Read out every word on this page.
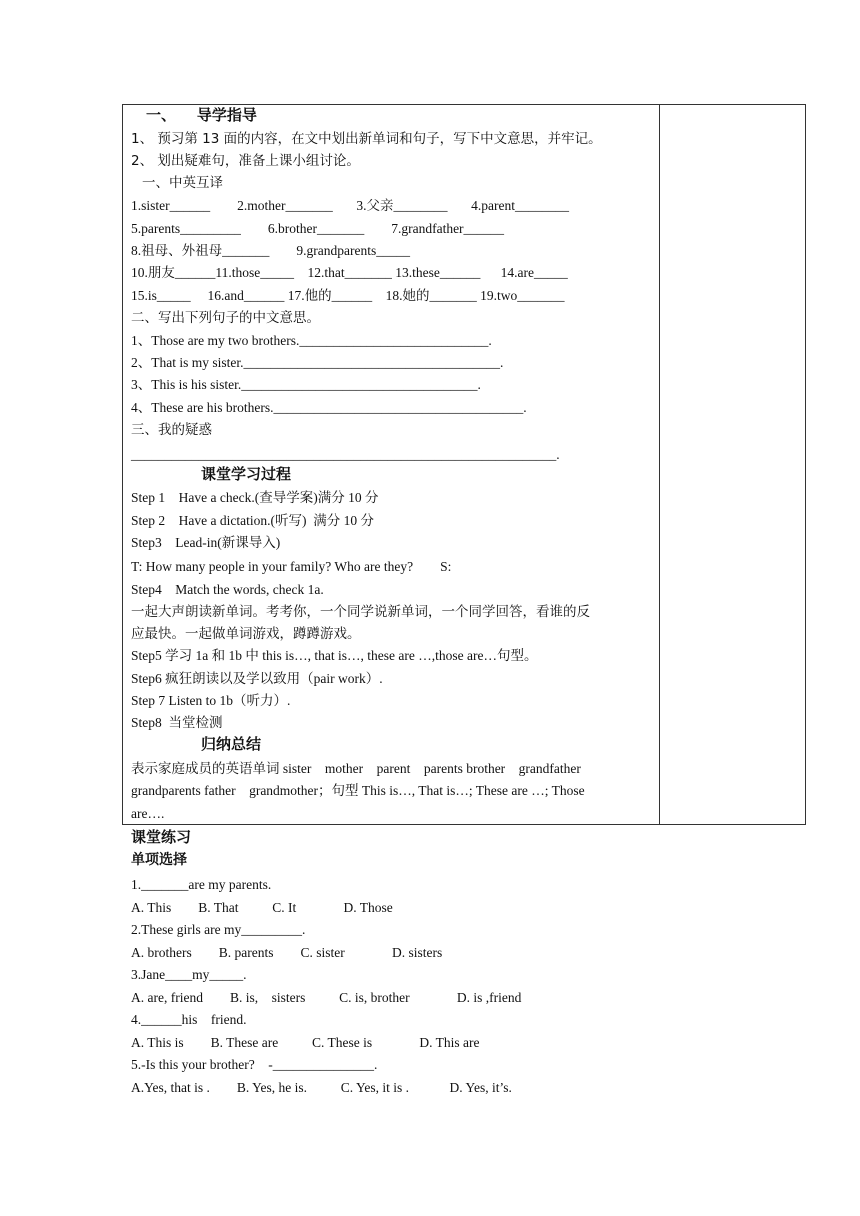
一、    导学指导
1、 预习第 13 面的内容，在文中划出新单词和句子，写下中文意思，并牢记。
2、 划出疑难句，准备上课小组讨论。
一、中英互译
1.sister______        2.mother_______       3.父亲________       4.parent________
5.parents_________        6.brother_______        7.grandfather______
8.祖母、外祖母_______        9.grandparents_____
10.朋友______11.those_____    12.that_______ 13.these______      14.are_____
15.is_____     16.and______ 17.他的______    18.她的_______ 19.two_______
二、写出下列句子的中文意思。
1、Those are my two brothers.____________________________.
2、That is my sister.______________________________________.
3、This is his sister.___________________________________.
4、These are his brothers._____________________________________.
三、我的疑惑
_______________________________________________________________.
课堂学习过程
Step 1    Have a check.(查导学案)满分 10 分
Step 2    Have a dictation.(听写)  满分 10 分
Step3    Lead-in(新课导入)
T: How many people in your family? Who are they?        S:
Step4    Match the words, check 1a.
一起大声朗读新单词。考考你，一个同学说新单词，一个同学回答，看谁的反
应最快。一起做单词游戏，蹲蹲游戏。
Step5 学习 1a 和 1b 中 this is…, that is…, these are …,those are…句型。
Step6 疯狂朗读以及学以致用（pair work）.
Step 7 Listen to 1b（听力）.
Step8  当堂检测
归纳总结
表示家庭成员的英语单词 sister    mother    parent    parents brother    grandfather
grandparents father    grandmother；句型 This is…, That is…; These are …; Those
are….
课堂练习
单项选择
1._______are my parents.
A. This        B. That          C. It              D. Those
2.These girls are my_________.
A. brothers        B. parents        C. sister              D. sisters
3.Jane____my_____.
A. are, friend        B. is,    sisters          C. is, brother              D. is ,friend
4.______his    friend.
A. This is        B. These are          C. These is              D. This are
5.-Is this your brother?    -_______________.
A.Yes, that is .        B. Yes, he is.          C. Yes, it is .            D. Yes, it’s.
